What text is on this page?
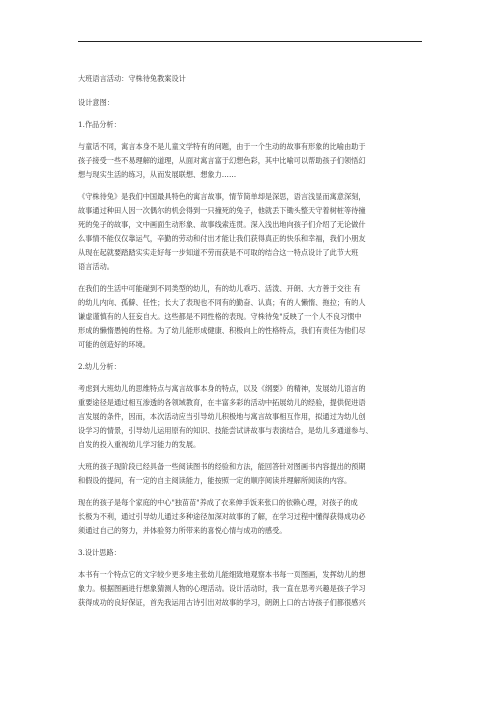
大班语言活动：守株待兔教案设计
设计意图：
1.作品分析：
与童话不同，寓言本身不是儿童文学特有的问题，由于一个生动的故事有形象的比喻由助于
孩子接受一些不易理解的道理，从面对寓言富于幻想色彩，其中比喻可以帮助孩子们领悟幻
想与现实生活的练习，从而发展联想、想象力……
《守株待兔》是我们中国最具特色的寓言故事，情节简单却是深思，语言浅显而寓意深刻，
故事通过种田人因一次偶尔的机会得到一只撞死的兔子，他就丢下锄头整天守着树桩等待撞
死的兔子的故事，文中画面生动形象、故事线索连贯。深入浅出地向孩子们介绍了无论做什
么事情不能仅仅靠运气，辛勤的劳动和付出才能让我们获得真正的快乐和幸福，我们小朋友
从现在起就要踏踏实实走好每一步知道不劳而获是不可取的结合这一特点设计了此节大班
语言活动。
在我们的生活中可能碰到不同类型的幼儿，有的幼儿乖巧、活泼、开朗、大方善于交往 有
的幼儿内向、孤僻、任性；长大了表现也不同有的勤奋、认真；有的人懒惰、拖拉；有的人
谦虚谨慎有的人狂妄自大。这些都是不同性格的表现。守株待兔"反映了一个人不良习惯中
形成的懒惰愚钝的性格。为了幼儿能形成健康、积极向上的性格特点，我们有责任为他们尽
可能的创造好的环境。
2.幼儿分析：
考虑到大班幼儿的思维特点与寓言故事本身的特点，以及《纲要》的精神，发展幼儿语言的
重要途径是通过相互渗透的各领域教育，在丰富多彩的活动中拓展幼儿的经验，提供促进语
言发展的条件，因而，本次活动应当引导幼儿积极地与寓言故事相互作用，拟通过为幼儿创
设学习的情景，引导幼儿运用原有的知识、技能尝试讲故事与表演结合，是幼儿多通道参与、
自发的投入重视幼儿学习能力的发展。
大班的孩子现阶段已经具备一些阅读图书的经验和方法，能回答针对图画书内容提出的预期
和假设的提问，有一定的自主阅读能力，能按照一定的顺序阅读并理解所阅读的内容。
现在的孩子是每个家庭的中心"独苗苗"养成了衣来伸手饭来张口的依赖心理，对孩子的成
长极为不利，通过引导幼儿通过多种途径加深对故事的了解，在学习过程中懂得获得成功必
须通过自己的努力，并体验努力所带来的喜悦心情与成功的感受。
3.设计思路：
本书有一个特点它的文字较少更多地主张幼儿能细致地观察本书每一页图画，发挥幼儿的想
象力。根据图画进行想象猜测人物的心理活动。设计活动时，我一直在思考兴趣是孩子学习
获得成功的良好保证，首先我运用古诗引出对故事的学习，朗朗上口的古诗孩子们都很感兴
